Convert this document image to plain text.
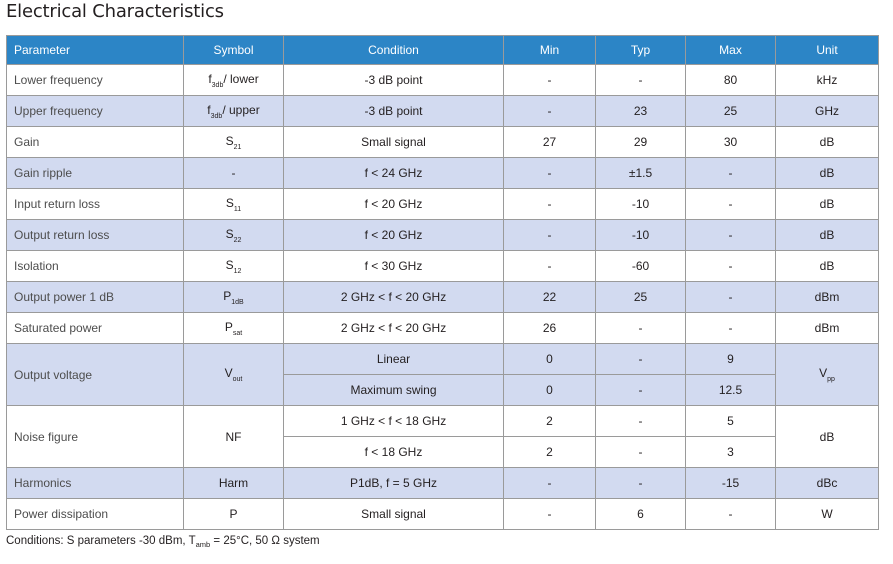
Electrical Characteristics
Parameter	Symbol	Condition	Min	Typ	Max	Unit
Lower frequency	$f_{3db}/$ lower	-3 dB point	-	-	80	kHz
Upper frequency	$f_{3db}/$ upper	-3 dB point	-	23	25	GHz
Gain	$S_{21}$	Small signal	27	29	30	dB
Gain ripple	-	f < 24 GHz	-	±1.5	-	dB
Input return loss	$S_{11}$	f < 20 GHz	-	-10	-	dB
Output return loss	$S_{22}$	f < 20 GHz	-	-10	-	dB
Isolation	$S_{12}$	f < 30 GHz	-	-60	-	dB
Output power 1 dB	$P_{1dB}$	2 GHz < f < 20 GHz	22	25	-	dBm
Saturated power	$P_{sat}$	2 GHz < f < 20 GHz	26	-	-	dBm
Output voltage	$V_{out}$	Linear	0	-	9	$V_{pp}$
		Maximum swing	0	-	12.5	
Noise figure	NF	1 GHz < f < 18 GHz	2	-	5	dB
		f < 18 GHz	2	-	3	
Harmonics	Harm	P1dB, f = 5 GHz	-	-	-15	dBc
Power dissipation	P	Small signal	-	6	-	W
Conditions: S parameters -30 dBm, $T_{amb} = 25^\circ C$, 50 Ω system
